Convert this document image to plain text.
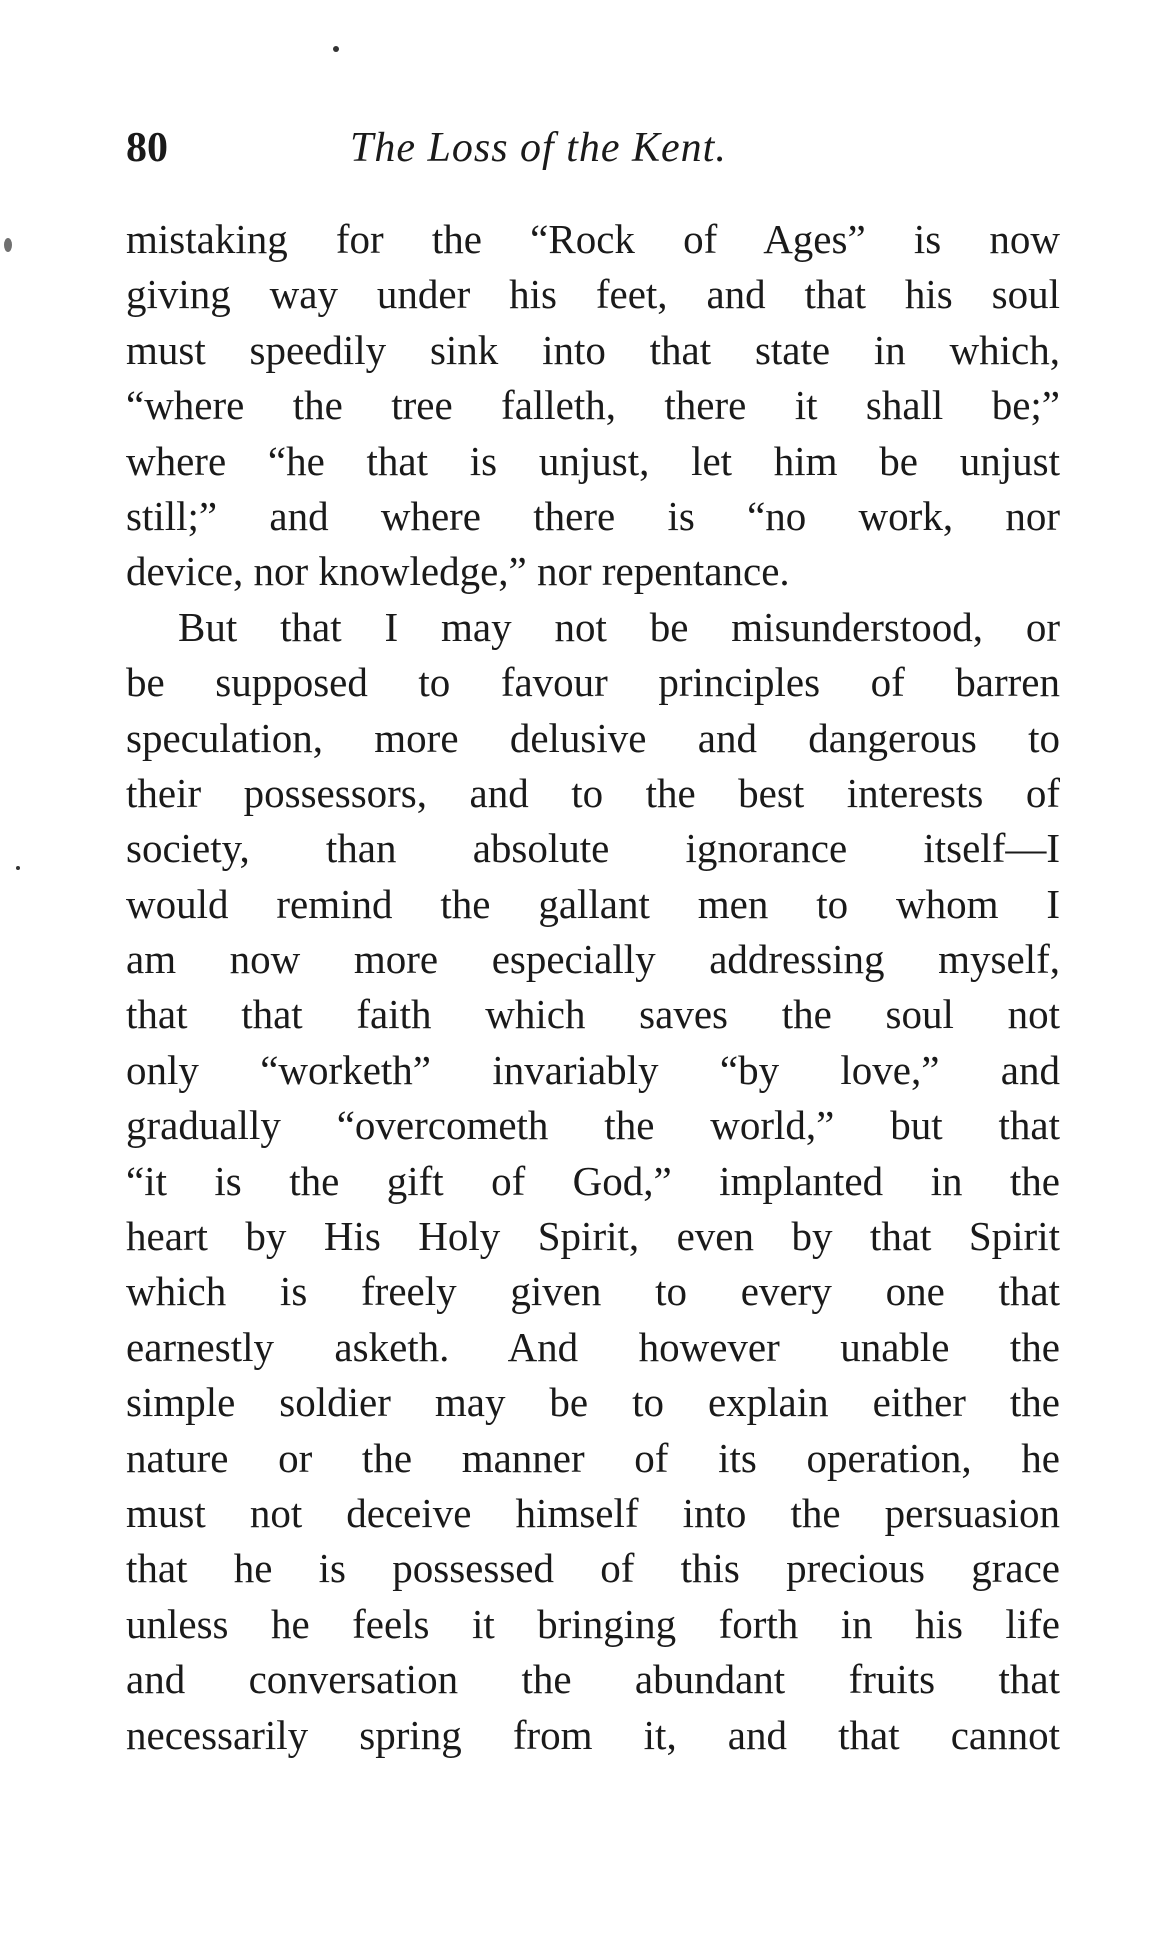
80	The Loss of the Kent.
mistaking for the “Rock of Ages” is now
giving way under his feet, and that his soul
must speedily sink into that state in which,
“where the tree falleth, there it shall be;”
where “he that is unjust, let him be unjust
still;” and where there is “no work, nor
device, nor knowledge,” nor repentance.
But that I may not be misunderstood, or
be supposed to favour principles of barren
speculation, more delusive and dangerous to
their possessors, and to the best interests of
society, than absolute ignorance itself—I
would remind the gallant men to whom I
am now more especially addressing myself,
that that faith which saves the soul not
only “worketh” invariably “by love,” and
gradually “overcometh the world,” but that
“it is the gift of God,” implanted in the
heart by His Holy Spirit, even by that Spirit
which is freely given to every one that
earnestly asketh. And however unable the
simple soldier may be to explain either the
nature or the manner of its operation, he
must not deceive himself into the persuasion
that he is possessed of this precious grace
unless he feels it bringing forth in his life
and conversation the abundant fruits that
necessarily spring from it, and that cannot
